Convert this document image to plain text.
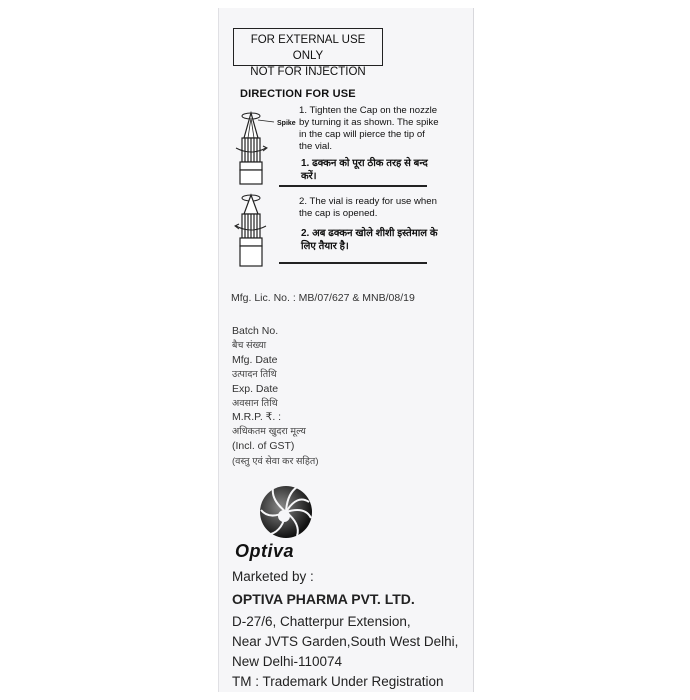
FOR EXTERNAL USE ONLY
NOT FOR INJECTION
DIRECTION FOR USE
Spike
1. Tighten the Cap on the nozzle by turning it as shown. The spike in the cap will pierce the tip of the vial.
1. ढक्कन को पूरा ठीक तरह से बन्द करें।
2. The vial is ready for use when the cap is opened.
2. अब ढक्कन खोले शीशी इस्तेमाल के लिए तैयार है।
Mfg. Lic. No. : MB/07/627 & MNB/08/19
Batch No.
बैच संख्या
Mfg. Date
उत्पादन तिथि
Exp. Date
अवसान तिथि
M.R.P. ₹. :
अधिकतम खुदरा मूल्य
(Incl. of GST)
(वस्तु एवं सेवा कर सहित)
Optiva
Marketed by :
OPTIVA PHARMA PVT. LTD.
D-27/6, Chatterpur Extension,
Near JVTS Garden,South West Delhi,
New Delhi-110074
TM : Trademark Under Registration
